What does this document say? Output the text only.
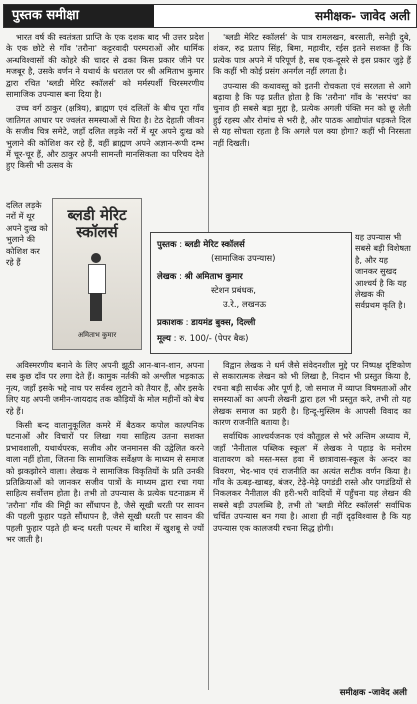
पुस्तक समीक्षा	समीक्षक- जावेद अली

भारत वर्ष की स्वतंत्रता प्राप्ति के एक दशक बाद भी उत्तर प्रदेश के एक छोटे से गाँव 'तरौना' कट्टरवादी परम्पराओं और धार्मिक अन्धविश्वासों की कोहरे की चादर से ढका किस प्रकार जीने पर मजबूर है, उसके वर्णन ने यथार्थ के धरातल पर श्री अमिताभ कुमार द्वारा रचित 'ब्लडी मेरिट स्कॉलर्स' को मर्मस्पर्शी चिरस्मरणीय सामाजिक उपन्यास बना दिया है।

उच्च वर्ग ठाकुर (क्षत्रिय), ब्राह्मण एवं दलितों के बीच पूरा गाँव जातिगत आधार पर ज्वलंत समस्याओं से घिरा है। टेठ देहाती जीवन के सजीव चित्र समेटे, जहाँ दलित लड़के नरों में थूर अपने दुःख को भुलाने की कोशिश कर रहे हैं, वहीं ब्राह्मण अपने अज्ञान-रूपी दम्भ में चूर-चूर हैं, और ठाकुर अपनी सामन्ती मानसिकता का परिचय देते हुए किसी भी उत्सव के

'ब्लडी मेरिट स्कॉलर्स' के पात्र रामलखन, बरसाती, सनेही दुबे, शंकर, रुद्र प्रताप सिंह, बिमा, महावीर, रईस इतने सशक्त हैं कि प्रत्येक पात्र अपने में परिपूर्ण है, सब एक-दूसरे से इस प्रकार जुड़े हैं कि कहीं भी कोई प्रसंग अनर्गल नहीं लगता है।

उपन्यास की कथावस्तु को इतनी रोचकता एवं सरलता से आगे बढ़ाया है कि पढ़ प्रतीत होता है कि 'तरौना' गाँव के 'सरपंच' का चुनाव ही सबसे बड़ा मुद्दा है, प्रत्येक अगली पंक्ति मन को छू लेती हुई रहस्य और रोमांच से भरी है, और पाठक आद्योपांत धड़कते दिल से यह सोचता रहता है कि अगले पल क्या होगा? कहीं भी निरसता नहीं दिखती।

दलित लड़के नरों में थूर अपने दुःख को भुलाने की कोशिश कर रहे हैं
ब्लडी मेरिट स्कॉलर्स
अमिताभ कुमार
पुस्तक : ब्लडी मेरिट स्कॉलर्स
(सामाजिक उपन्यास)
लेखक : श्री अमिताभ कुमार
स्टेशन प्रबंधक,
उ.रे., लखनऊ
प्रकाशक : डायमंड बुक्स, दिल्ली
मूल्य : रु. 100/- (पेपर बैक)
यह उपन्यास भी सबसे बड़ी विशेषता है, और यह जानकर सुखद आश्चर्य है कि यह लेखक की सर्वप्रथम कृति है।

अविस्मरणीय बनाने के लिए अपनी झूठी आन-बान-शान, अपना सब कुछ दाँव पर लगा देते हैं। कामुक नर्तकी को अश्लील भड़काऊ नृत्य, जहाँ इसके भद्दे नाच पर सर्वस्व लुटाने को तैयार हैं, और इसके लिए यह अपनी जमीन-जायदाद तक कौड़ियों के मोल महीनों को बेच रहे हैं।

किसी बन्द वातानुकूलित कमरे में बैठकर कपोल काल्पनिक घटनाओं और विचारों पर लिखा गया साहित्य उतना सशक्त प्रभावशाली, यथार्थपरक, सजीव और जनमानस की उद्वेलित करने वाला नहीं होता, जितना कि सामाजिक सर्वेक्षण के माध्यम से समाज को झकझोरने वाला। लेखक ने सामाजिक विकृतियों के प्रति उनकी प्रतिक्रियाओं को जानकर सजीव पात्रों के माध्यम द्वारा रचा गया साहित्य सर्वोत्तम होता है। तभी तो उपन्यास के प्रत्येक घटनाक्रम में 'तरौना' गाँव की मिट्टी का सौंधापन है, जैसे सूखी धरती पर सावन की पहली फुहार पड़ते सौंधापन है, जैसे सूखी धरती पर सावन की पहली फुहार पड़ते ही बन्द धरती पत्थर में बारिश में खुशबू से ज्यों भर जाती है।

विद्वान लेखक ने धर्म जैसे संवेदनशील मुद्दे पर निष्पक्ष दृष्टिकोण से सकारात्मक लेखन को भी लिखा है, निदान भी प्रस्तुत किया है, रचना बड़ी सार्थक और पूर्ण है, जो समाज में व्याप्त विषमताओं और समस्याओं का अपनी लेखनी द्वारा हल भी प्रस्तुत करे, तभी तो यह लेखक समाज का प्रहरी है। हिन्दू-मुस्लिम के आपसी विवाद का कारण राजनीति बताया है।

सर्वाधिक आश्चर्यजनक एवं कौतूहल से भरे अन्तिम अध्याय में, जहाँ 'नैनीताल पब्लिक स्कूल' में लेखक ने पहाड़ के मनोरम वातावरण को मस्त-मस्त हवा में छात्रावास-स्कूल के अन्दर का विवरण, भेद-भाव एवं राजनीति का अत्यंत सटीक वर्णन किया है। गाँव के ऊबड़-खाबड़, बंजर, टेढ़े-मेढ़े पगडंडी रास्ते और पगडंडियों से निकलकर नैनीताल की हरी-भरी वादियों में पहुँचना यह लेखन की सबसे बड़ी उपलब्धि है, तभी तो 'ब्लडी मेरिट स्कॉलर्स' सर्वाधिक चर्चित उपन्यास बन गया है। आशा ही नहीं दृढ़विश्वास है कि यह उपन्यास एक कालजयी रचना सिद्ध होगी।

समीक्षक -जावेद अली
